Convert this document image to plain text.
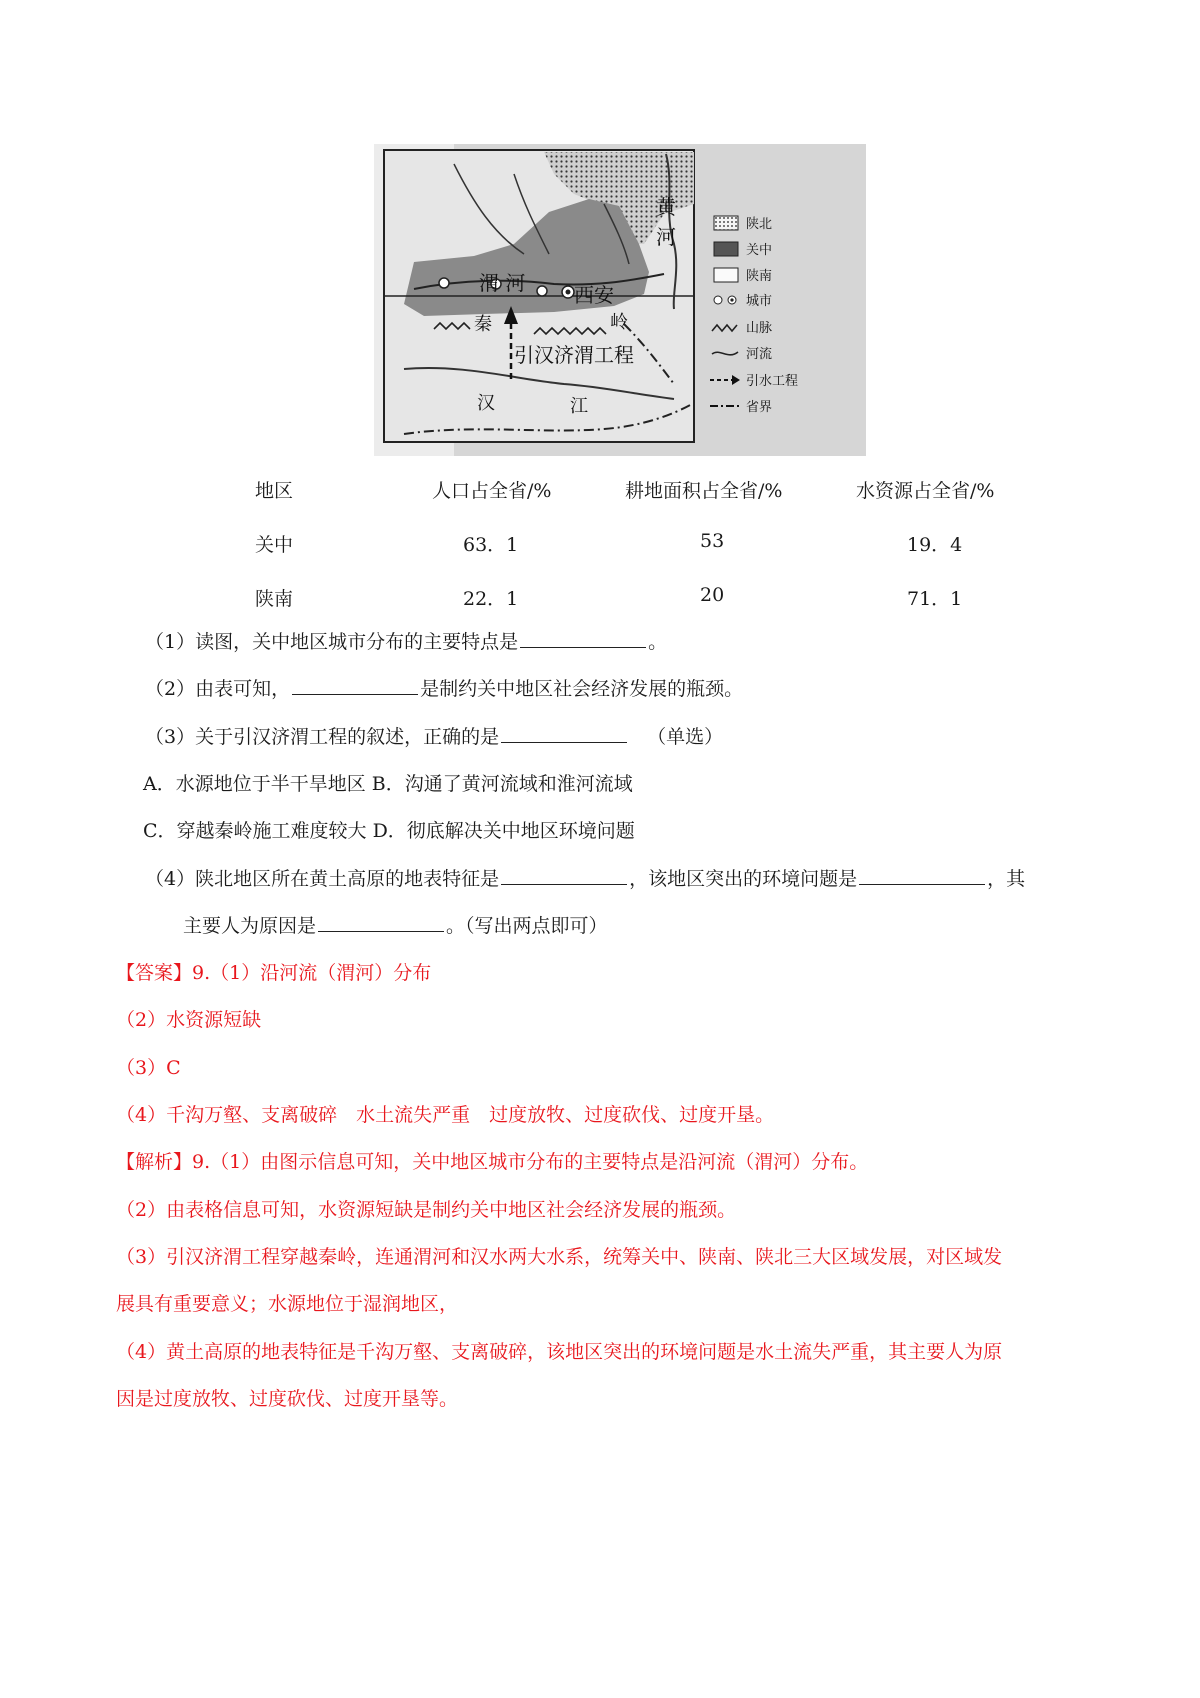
黄
河
渭 河 西安
秦	岭
引汉济渭工程
汉	江
陕北
关中
陕南
城市
山脉
河流
引水工程
省界
地区	人口占全省/%	耕地面积占全省/%	水资源占全省/%
关中	63．1	53	19．4
陕南	22．1	20	71．1
（1）读图，关中地区城市分布的主要特点是	。
（2）由表可知，	是制约关中地区社会经济发展的瓶颈。
（3）关于引汉济渭工程的叙述，正确的是	（单选）
A．水源地位于半干旱地区 B．沟通了黄河流域和淮河流域
C．穿越秦岭施工难度较大 D．彻底解决关中地区环境问题
（4）陕北地区所在黄土高原的地表特征是	，该地区突出的环境问题是	，其
主要人为原因是	。（写出两点即可）
【答案】9.（1）沿河流（渭河）分布
（2）水资源短缺
（3）C
（4）千沟万壑、支离破碎　水土流失严重　过度放牧、过度砍伐、过度开垦。
【解析】9.（1）由图示信息可知，关中地区城市分布的主要特点是沿河流（渭河）分布。
（2）由表格信息可知，水资源短缺是制约关中地区社会经济发展的瓶颈。
（3）引汉济渭工程穿越秦岭，连通渭河和汉水两大水系，统筹关中、陕南、陕北三大区域发展，对区域发
展具有重要意义；水源地位于湿润地区，
（4）黄土高原的地表特征是千沟万壑、支离破碎，该地区突出的环境问题是水土流失严重，其主要人为原
因是过度放牧、过度砍伐、过度开垦等。
